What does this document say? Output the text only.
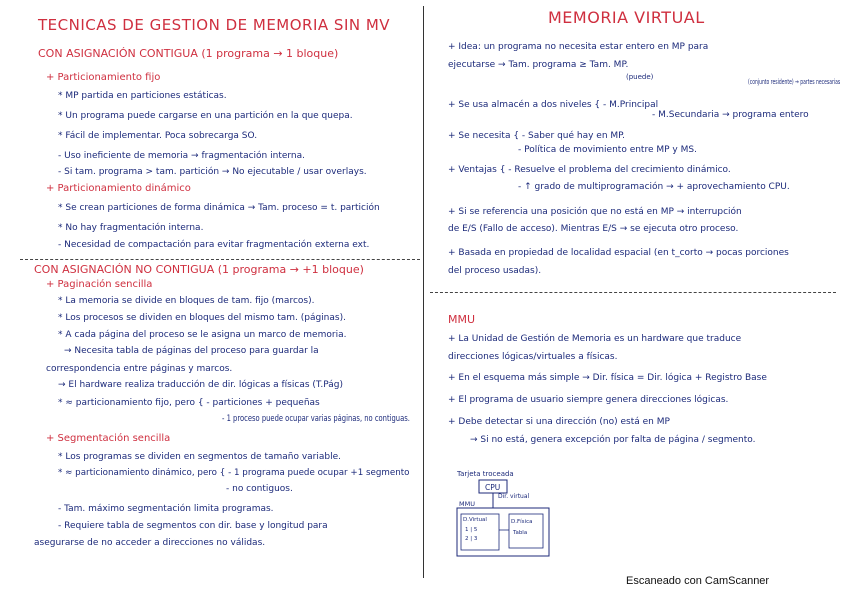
TECNICAS DE GESTION DE MEMORIA SIN MV
CON ASIGNACIÓN CONTIGUA (1 programa → 1 bloque)
+ Particionamiento fijo
* MP partida en particiones estáticas.
* Un programa puede cargarse en una partición en la que quepa.
* Fácil de implementar. Poca sobrecarga SO.
- Uso ineficiente de memoria → fragmentación interna.
- Si tam. programa > tam. partición → No ejecutable / usar overlays.
+ Particionamiento dinámico
* Se crean particiones de forma dinámica → Tam. proceso = t. partición
* No hay fragmentación interna.
- Necesidad de compactación para evitar fragmentación externa ext.
CON ASIGNACIÓN NO CONTIGUA (1 programa → +1 bloque)
+ Paginación sencilla
* La memoria se divide en bloques de tam. fijo (marcos).
* Los procesos se dividen en bloques del mismo tam. (páginas).
* A cada página del proceso se le asigna un marco de memoria.
→ Necesita tabla de páginas del proceso para guardar la
correspondencia entre páginas y marcos.
→ El hardware realiza traducción de dir. lógicas a físicas (T.Pág)
* ≈ particionamiento fijo, pero { - particiones + pequeñas
- 1 proceso puede ocupar varias páginas, no contiguas.
+ Segmentación sencilla
* Los programas se dividen en segmentos de tamaño variable.
* ≈ particionamiento dinámico, pero { - 1 programa puede ocupar +1 segmento
- no contiguos.
- Tam. máximo segmentación limita programas.
- Requiere tabla de segmentos con dir. base y longitud para
asegurarse de no acceder a direcciones no válidas.
MEMORIA VIRTUAL
+ Idea: un programa no necesita estar entero en MP para
ejecutarse → Tam. programa ≥ Tam. MP.
(puede)
(conjunto residente) → partes necesarias
+ Se usa almacén a dos niveles { - M.Principal
- M.Secundaria → programa entero
+ Se necesita { - Saber qué hay en MP.
- Política de movimiento entre MP y MS.
+ Ventajas { - Resuelve el problema del crecimiento dinámico.
- ↑ grado de multiprogramación → + aprovechamiento CPU.
+ Si se referencia una posición que no está en MP → interrupción
de E/S (Fallo de acceso). Mientras E/S → se ejecuta otro proceso.
+ Basada en propiedad de localidad espacial (en t_corto → pocas porciones
del proceso usadas).
MMU
+ La Unidad de Gestión de Memoria es un hardware que traduce
direcciones lógicas/virtuales a físicas.
+ En el esquema más simple → Dir. física = Dir. lógica + Registro Base
+ El programa de usuario siempre genera direcciones lógicas.
+ Debe detectar si una dirección (no) está en MP
→ Si no está, genera excepción por falta de página / segmento.
Tarjeta troceada
CPU
Dir. virtual
MMU
D.Virtual
1 | 5
2 | 3
D.Física
Tabla
Escaneado con CamScanner
